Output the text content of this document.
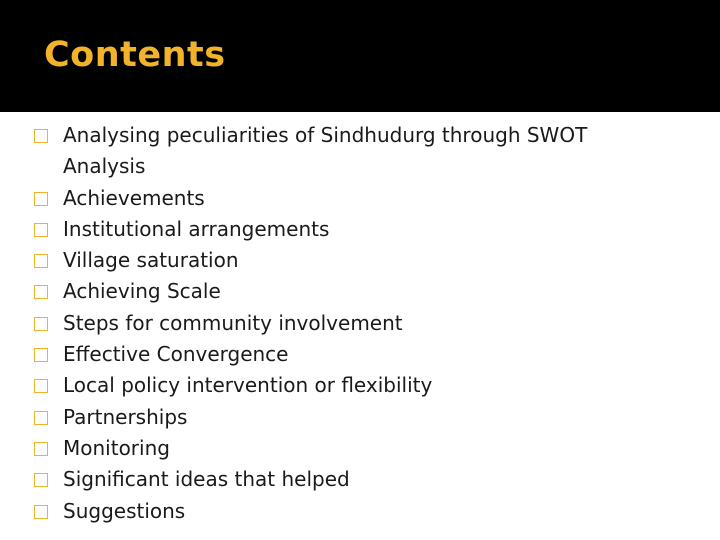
Contents
Analysing peculiarities of Sindhudurg through SWOT Analysis
Achievements
Institutional arrangements
Village saturation
Achieving Scale
Steps for community involvement
Effective Convergence
Local policy intervention or flexibility
Partnerships
Monitoring
Significant ideas that helped
Suggestions
